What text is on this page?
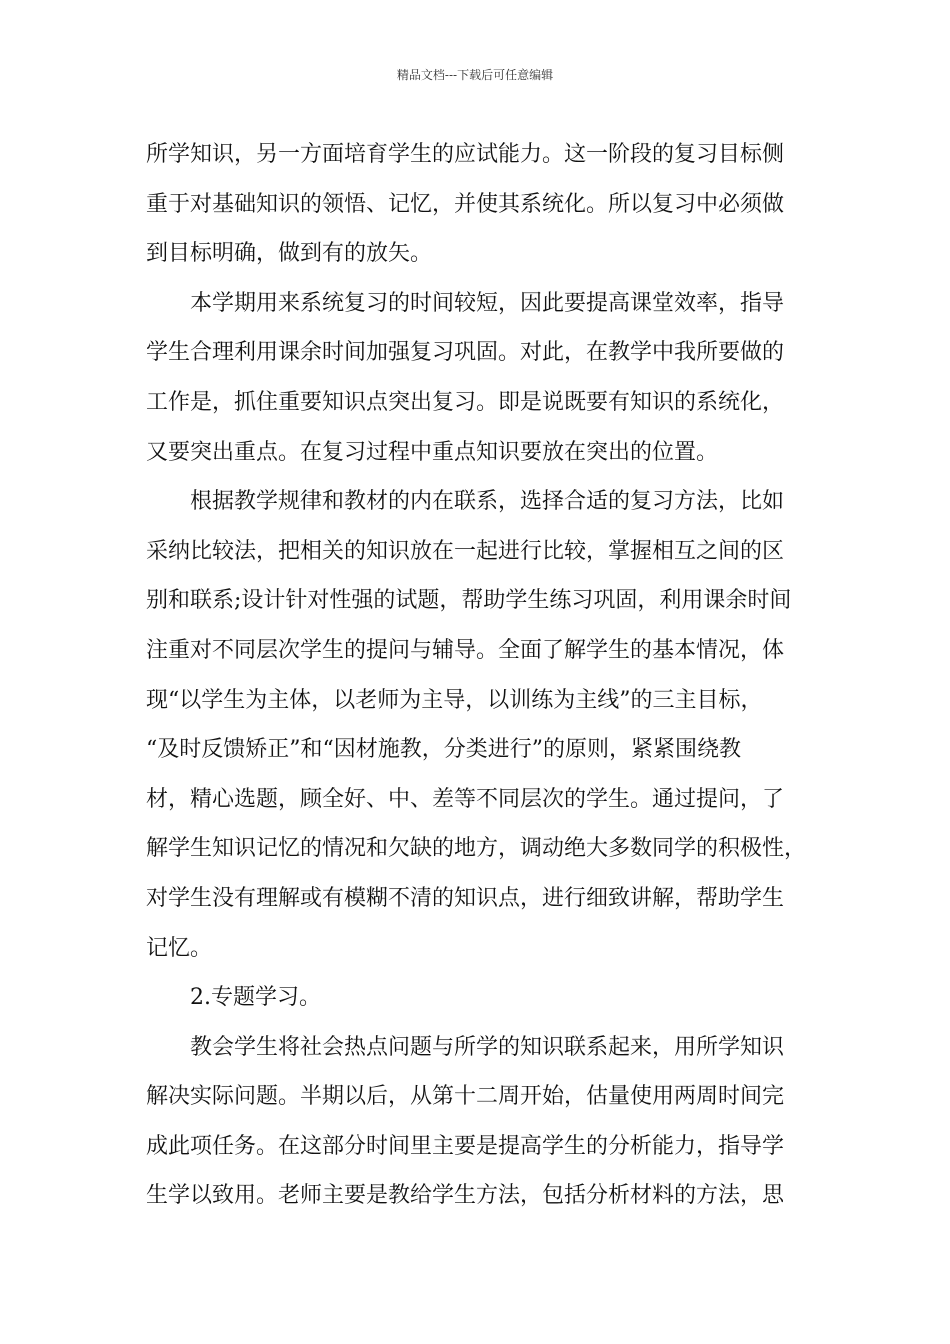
精品文档---下载后可任意编辑
所学知识，另一方面培育学生的应试能力。这一阶段的复习目标侧
重于对基础知识的领悟、记忆，并使其系统化。所以复习中必须做
到目标明确，做到有的放矢。
本学期用来系统复习的时间较短，因此要提高课堂效率，指导
学生合理利用课余时间加强复习巩固。对此，在教学中我所要做的
工作是，抓住重要知识点突出复习。即是说既要有知识的系统化，
又要突出重点。在复习过程中重点知识要放在突出的位置。
根据教学规律和教材的内在联系，选择合适的复习方法，比如
采纳比较法，把相关的知识放在一起进行比较，掌握相互之间的区
别和联系;设计针对性强的试题，帮助学生练习巩固，利用课余时间
注重对不同层次学生的提问与辅导。全面了解学生的基本情况，体
现“以学生为主体，以老师为主导，以训练为主线”的三主目标，
“及时反馈矫正”和“因材施教，分类进行”的原则，紧紧围绕教
材，精心选题，顾全好、中、差等不同层次的学生。通过提问，了
解学生知识记忆的情况和欠缺的地方，调动绝大多数同学的积极性，
对学生没有理解或有模糊不清的知识点，进行细致讲解，帮助学生
记忆。
2.专题学习。
教会学生将社会热点问题与所学的知识联系起来，用所学知识
解决实际问题。半期以后，从第十二周开始，估量使用两周时间完
成此项任务。在这部分时间里主要是提高学生的分析能力，指导学
生学以致用。老师主要是教给学生方法，包括分析材料的方法，思
